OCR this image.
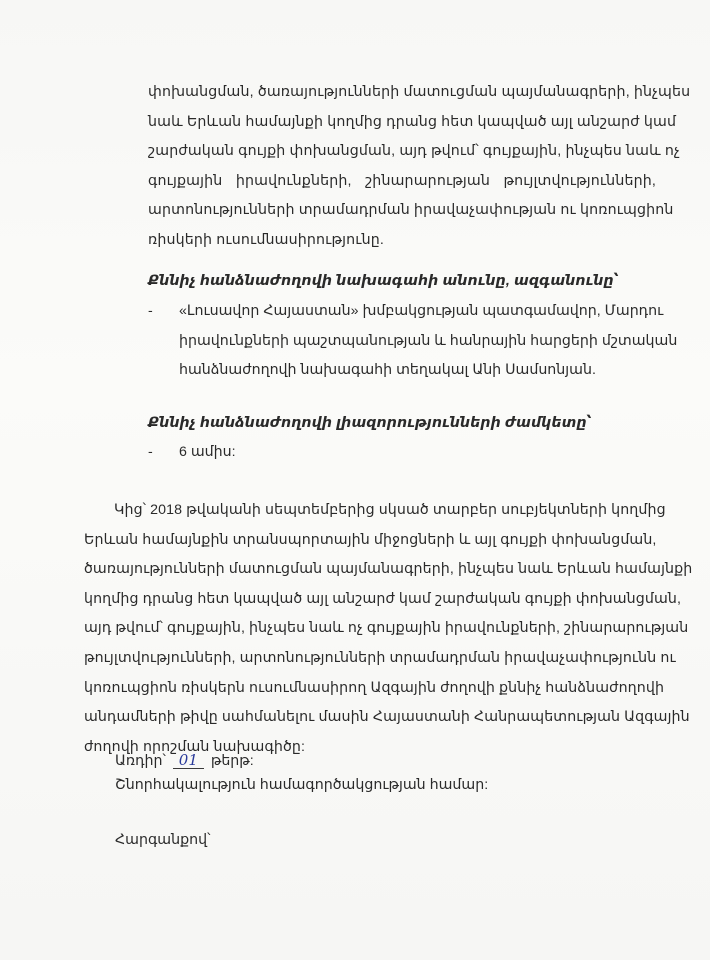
փոխանցման, ծառայությունների մատուցման պայմանագրերի, ինչպես
նաև Երևան համայնքի կողմից դրանց հետ կապված այլ անշարժ կամ
շարժական գույքի փոխանցման, այդ թվում՝ գույքային, ինչպես նաև ոչ
գույքային իրավունքների, շինարարության թույլտվությունների,
արտոնությունների տրամադրման իրավաչափության ու կոռուպցիոն
ռիսկերի ուսումնասիրությունը.
Քննիչ հանձնաժողովի նախագահի անունը, ազգանունը՝
- «Լուսավոր Հայաստան» խմբակցության պատգամավոր, Մարդու
իրավունքների պաշտպանության և հանրային հարցերի մշտական
հանձնաժողովի նախագահի տեղակալ Անի Սամսոնյան.
Քննիչ հանձնաժողովի լիազորությունների ժամկետը՝
- 6 ամիս:
Կից՝ 2018 թվականի սեպտեմբերից սկսած տարբեր սուբյեկտների կողմից
Երևան համայնքին տրանսպորտային միջոցների և այլ գույքի փոխանցման,
ծառայությունների մատուցման պայմանագրերի, ինչպես նաև Երևան համայնքի
կողմից դրանց հետ կապված այլ անշարժ կամ շարժական գույքի փոխանցման,
այդ թվում՝ գույքային, ինչպես նաև ոչ գույքային իրավունքների, շինարարության
թույլտվությունների, արտոնությունների տրամադրման իրավաչափությունն ու
կոռուպցիոն ռիսկերն ուսումնասիրող Ազգային ժողովի քննիչ հանձնաժողովի
անդամների թիվը սահմանելու մասին Հայաստանի Հանրապետության Ազգային
ժողովի որոշման նախագիծը:
Առդիր՝ 01 թերթ:
Շնորհակալություն համագործակցության համար:
Հարգանքով՝
